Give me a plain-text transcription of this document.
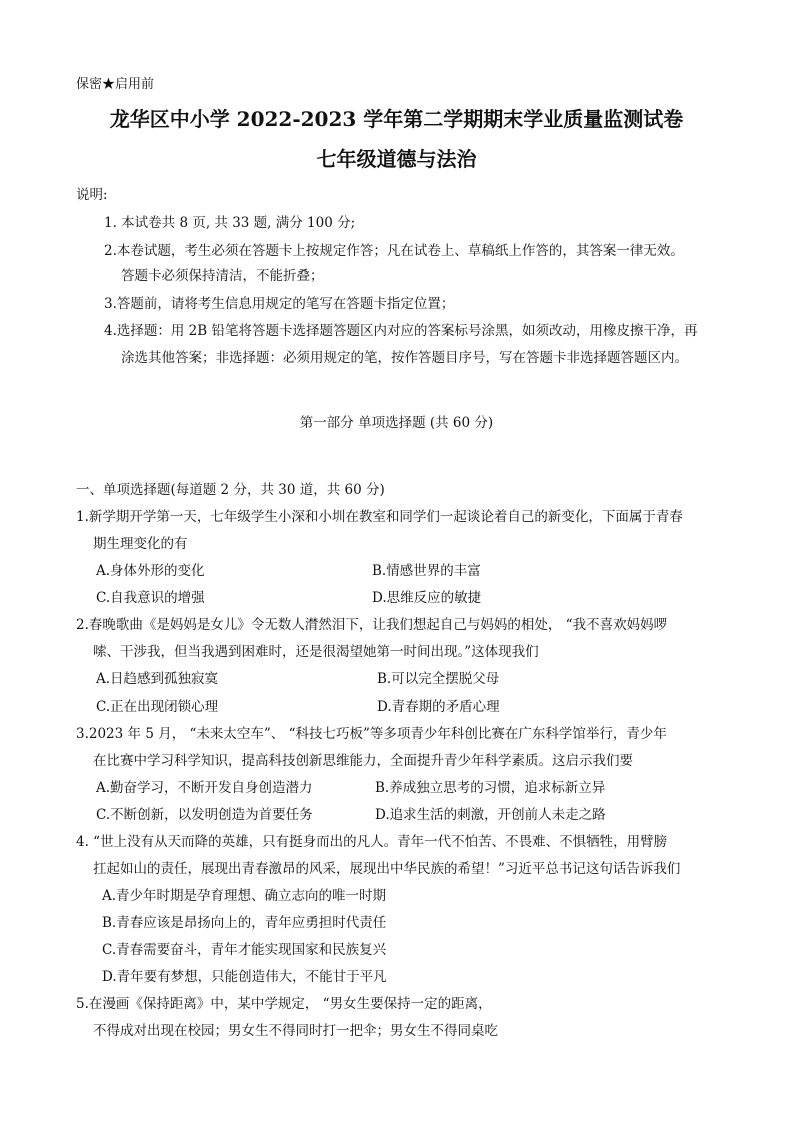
保密★启用前
龙华区中小学 2022-2023 学年第二学期期末学业质量监测试卷
七年级道德与法治
说明:
1. 本试卷共 8 页, 共 33 题, 满分 100 分;
2.本卷试题，考生必须在答题卡上按规定作答；凡在试卷上、草稿纸上作答的，其答案一律无效。
答题卡必须保持清洁，不能折叠；
3.答题前，请将考生信息用规定的笔写在答题卡指定位置；
4.选择题：用 2B 铅笔将答题卡选择题答题区内对应的答案标号涂黑，如须改动，用橡皮擦干净，再
涂选其他答案；非选择题：必须用规定的笔，按作答题目序号，写在答题卡非选择题答题区内。
第一部分 单项选择题 (共 60 分)
一、单项选择题(每道题 2 分，共 30 道，共 60 分)
1.新学期开学第一天，七年级学生小深和小圳在教室和同学们一起谈论着自己的新变化，下面属于青春
期生理变化的有
A.身体外形的变化	B.情感世界的丰富
C.自我意识的增强	D.思维反应的敏捷
2.春晚歌曲《是妈妈是女儿》令无数人潸然泪下，让我们想起自己与妈妈的相处， “我不喜欢妈妈啰
嗦、干涉我，但当我遇到困难时，还是很渴望她第一时间出现。”这体现我们
A.日趋感到孤独寂寞	B.可以完全摆脱父母
C.正在出现闭锁心理	D.青春期的矛盾心理
3.2023 年 5 月， “未来太空车”、 “科技七巧板”等多项青少年科创比赛在广东科学馆举行，青少年
在比赛中学习科学知识，提高科技创新思维能力，全面提升青少年科学素质。这启示我们要
A.勤奋学习，不断开发自身创造潜力	B.养成独立思考的习惯，追求标新立异
C.不断创新，以发明创造为首要任务	D.追求生活的刺激，开创前人未走之路
4. “世上没有从天而降的英雄，只有挺身而出的凡人。青年一代不怕苦、不畏难、不惧牺牲，用臂膀
扛起如山的责任，展现出青春激昂的风采，展现出中华民族的希望！”习近平总书记这句话告诉我们
A.青少年时期是孕育理想、确立志向的唯一时期
B.青春应该是昂扬向上的，青年应勇担时代责任
C.青春需要奋斗，青年才能实现国家和民族复兴
D.青年要有梦想，只能创造伟大，不能甘于平凡
5.在漫画《保持距离》中，某中学规定， “男女生要保持一定的距离，
不得成对出现在校园；男女生不得同时打一把伞；男女生不得同桌吃
